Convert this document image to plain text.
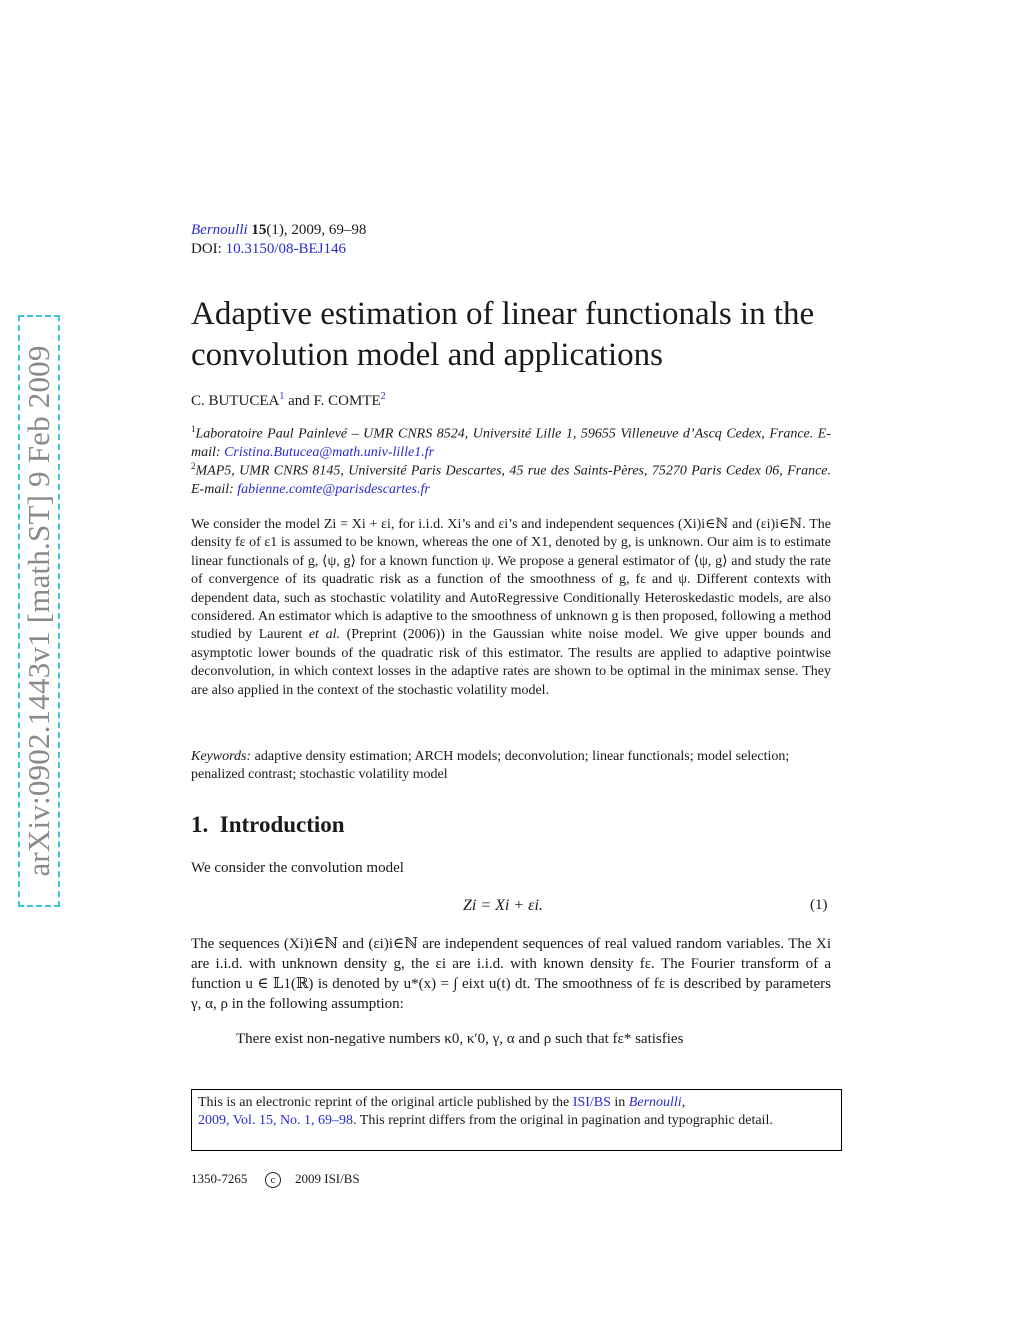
arXiv:0902.1443v1 [math.ST] 9 Feb 2009
Bernoulli 15(1), 2009, 69–98
DOI: 10.3150/08-BEJ146
Adaptive estimation of linear functionals in the convolution model and applications
C. BUTUCEA$^1$ and F. COMTE$^2$
$^1$Laboratoire Paul Painlevé – UMR CNRS 8524, Université Lille 1, 59655 Villeneuve d’Ascq Cedex, France. E-mail: Cristina.Butucea@math.univ-lille1.fr
$^2$MAP5, UMR CNRS 8145, Université Paris Descartes, 45 rue des Saints-Pères, 75270 Paris Cedex 06, France. E-mail: fabienne.comte@parisdescartes.fr

We consider the model Zi = Xi + εi, for i.i.d. Xi’s and εi’s and independent sequences (Xi)i∈ℕ and (εi)i∈ℕ. The density fε of ε1 is assumed to be known, whereas the one of X1, denoted by g, is unknown. Our aim is to estimate linear functionals of g, ⟨ψ, g⟩ for a known function ψ. We propose a general estimator of ⟨ψ, g⟩ and study the rate of convergence of its quadratic risk as a function of the smoothness of g, fε and ψ. Different contexts with dependent data, such as stochastic volatility and AutoRegressive Conditionally Heteroskedastic models, are also considered. An estimator which is adaptive to the smoothness of unknown g is then proposed, following a method studied by Laurent et al. (Preprint (2006)) in the Gaussian white noise model. We give upper bounds and asymptotic lower bounds of the quadratic risk of this estimator. The results are applied to adaptive pointwise deconvolution, in which context losses in the adaptive rates are shown to be optimal in the minimax sense. They are also applied in the context of the stochastic volatility model.

Keywords: adaptive density estimation; ARCH models; deconvolution; linear functionals; model selection; penalized contrast; stochastic volatility model

1. Introduction

We consider the convolution model

Zi = Xi + εi.	(1)

The sequences (Xi)i∈ℕ and (εi)i∈ℕ are independent sequences of real valued random variables. The Xi are i.i.d. with unknown density g, the εi are i.i.d. with known density fε. The Fourier transform of a function u ∈ 𝕃1(ℝ) is denoted by u*(x) = ∫ eixt u(t) dt. The smoothness of fε is described by parameters γ, α, ρ in the following assumption:

There exist non-negative numbers κ0, κ′0, γ, α and ρ such that fε* satisfies
This is an electronic reprint of the original article published by the ISI/BS in Bernoulli,
2009, Vol. 15, No. 1, 69–98. This reprint differs from the original in pagination and typographic detail.
1350-7265	c	2009 ISI/BS
